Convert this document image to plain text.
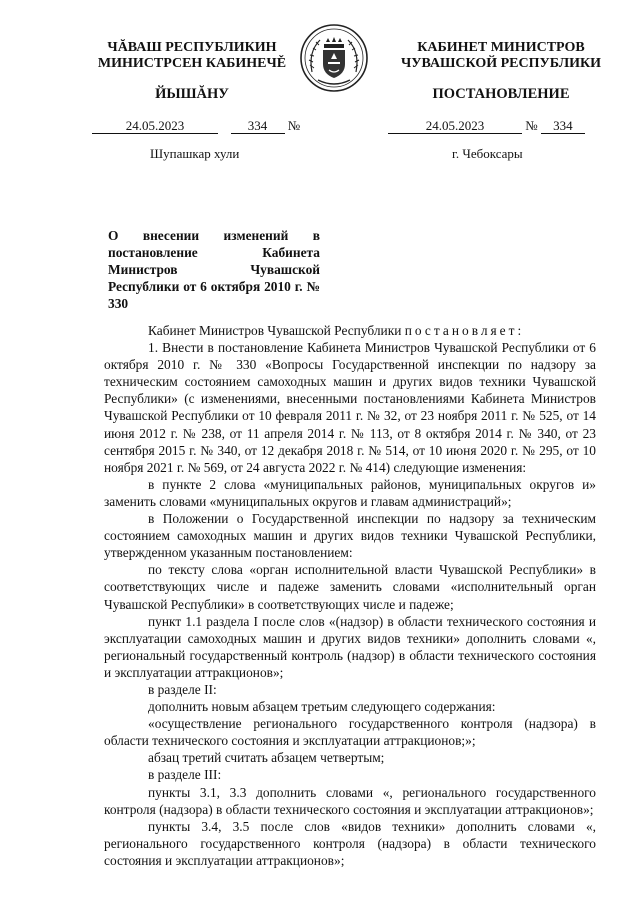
ЧĂВАШ РЕСПУБЛИКИН
МИНИСТРСЕН КАБИНЕЧĚ
ЙЫШĂНУ
КАБИНЕТ МИНИСТРОВ
ЧУВАШСКОЙ РЕСПУБЛИКИ
ПОСТАНОВЛЕНИЕ
24.05.2023	334 №	24.05.2023	№ 334
Шупашкар хули	г. Чебоксары
О внесении изменений в постановление Кабинета Министров Чувашской Республики от 6 октября 2010 г. № 330

Кабинет Министров Чувашской Республики постановляет:

1. Внести в постановление Кабинета Министров Чувашской Республики от 6 октября 2010 г. № 330 «Вопросы Государственной инспекции по надзору за техническим состоянием самоходных машин и других видов техники Чувашской Республики» (с изменениями, внесенными постановлениями Кабинета Министров Чувашской Республики от 10 февраля 2011 г. № 32, от 23 ноября 2011 г. № 525, от 14 июня 2012 г. № 238, от 11 апреля 2014 г. № 113, от 8 октября 2014 г. № 340, от 23 сентября 2015 г. № 340, от 12 декабря 2018 г. № 514, от 10 июня 2020 г. № 295, от 10 ноября 2021 г. № 569, от 24 августа 2022 г. № 414) следующие изменения:

в пункте 2 слова «муниципальных районов, муниципальных округов и» заменить словами «муниципальных округов и главам администраций»;

в Положении о Государственной инспекции по надзору за техническим состоянием самоходных машин и других видов техники Чувашской Республики, утвержденном указанным постановлением:

по тексту слова «орган исполнительной власти Чувашской Республики» в соответствующих числе и падеже заменить словами «исполнительный орган Чувашской Республики» в соответствующих числе и падеже;

пункт 1.1 раздела I после слов «(надзор) в области технического состояния и эксплуатации самоходных машин и других видов техники» дополнить словами «, региональный государственный контроль (надзор) в области технического состояния и эксплуатации аттракционов»;

в разделе II:

дополнить новым абзацем третьим следующего содержания:

«осуществление регионального государственного контроля (надзора) в области технического состояния и эксплуатации аттракционов;»;

абзац третий считать абзацем четвертым;

в разделе III:

пункты 3.1, 3.3 дополнить словами «, регионального государственного контроля (надзора) в области технического состояния и эксплуатации аттракционов»;

пункты 3.4, 3.5 после слов «видов техники» дополнить словами «, регионального государственного контроля (надзора) в области технического состояния и эксплуатации аттракционов»;
